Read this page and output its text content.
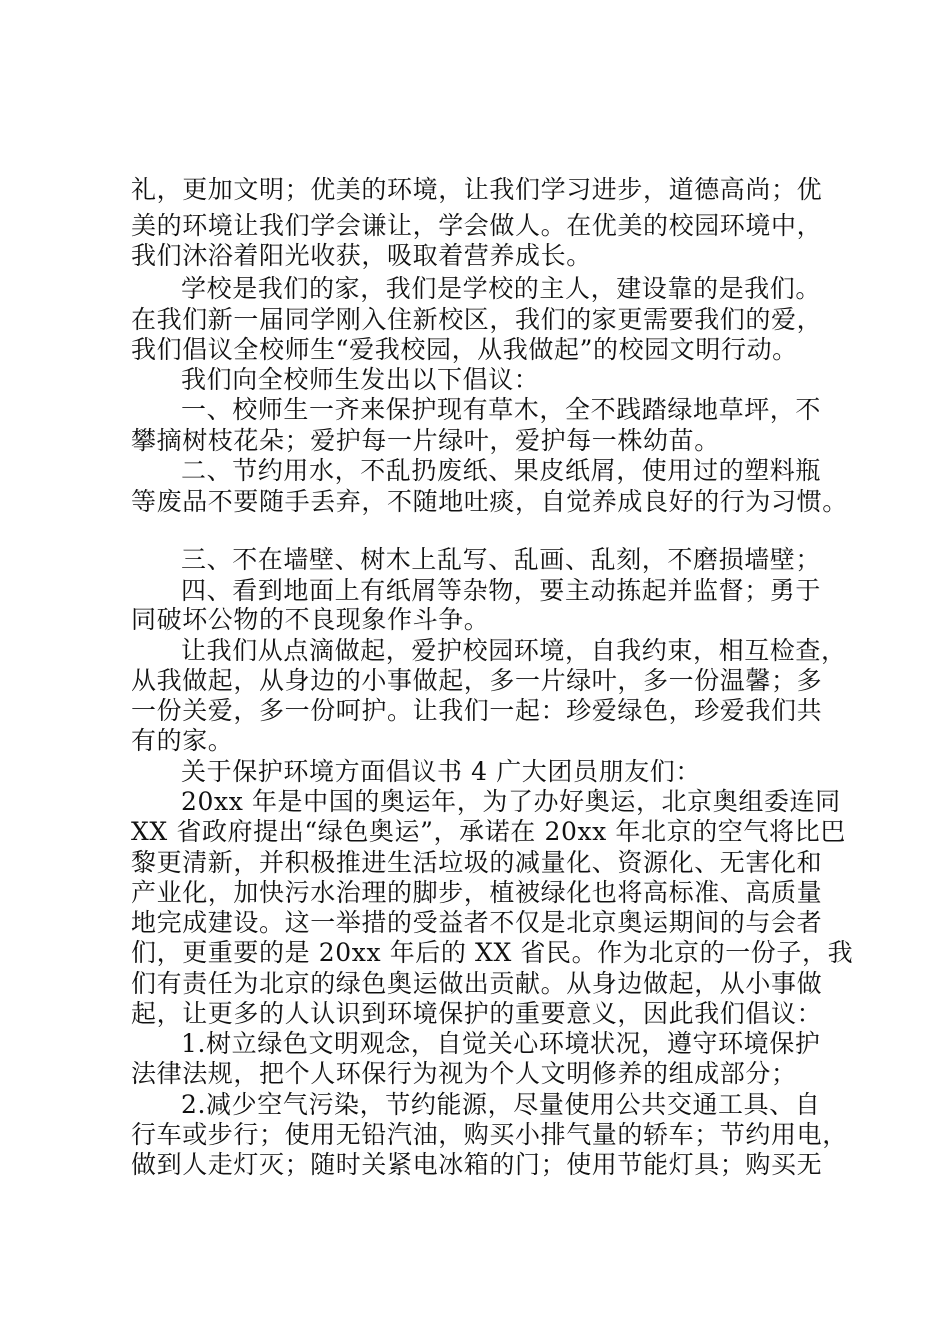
礼，更加文明；优美的环境，让我们学习进步，道德高尚；优
美的环境让我们学会谦让，学会做人。在优美的校园环境中，
我们沐浴着阳光收获，吸取着营养成长。
学校是我们的家，我们是学校的主人，建设靠的是我们。
在我们新一届同学刚入住新校区，我们的家更需要我们的爱，
我们倡议全校师生“爱我校园，从我做起”的校园文明行动。
我们向全校师生发出以下倡议：
一、校师生一齐来保护现有草木，全不践踏绿地草坪，不
攀摘树枝花朵；爱护每一片绿叶，爱护每一株幼苗。
二、节约用水，不乱扔废纸、果皮纸屑，使用过的塑料瓶
等废品不要随手丢弃，不随地吐痰，自觉养成良好的行为习惯。
三、不在墙壁、树木上乱写、乱画、乱刻，不磨损墙壁；
四、看到地面上有纸屑等杂物，要主动拣起并监督；勇于
同破坏公物的不良现象作斗争。
让我们从点滴做起，爱护校园环境，自我约束，相互检查，
从我做起，从身边的小事做起，多一片绿叶，多一份温馨；多
一份关爱，多一份呵护。让我们一起：珍爱绿色，珍爱我们共
有的家。
关于保护环境方面倡议书 4 广大团员朋友们：
20xx 年是中国的奥运年，为了办好奥运，北京奥组委连同
XX 省政府提出“绿色奥运”，承诺在 20xx 年北京的空气将比巴
黎更清新，并积极推进生活垃圾的减量化、资源化、无害化和
产业化，加快污水治理的脚步，植被绿化也将高标准、高质量
地完成建设。这一举措的受益者不仅是北京奥运期间的与会者
们，更重要的是 20xx 年后的 XX 省民。作为北京的一份子，我
们有责任为北京的绿色奥运做出贡献。从身边做起，从小事做
起，让更多的人认识到环境保护的重要意义，因此我们倡议：
1.树立绿色文明观念，自觉关心环境状况，遵守环境保护
法律法规，把个人环保行为视为个人文明修养的组成部分；
2.减少空气污染，节约能源，尽量使用公共交通工具、自
行车或步行；使用无铅汽油，购买小排气量的轿车；节约用电，
做到人走灯灭；随时关紧电冰箱的门；使用节能灯具；购买无
